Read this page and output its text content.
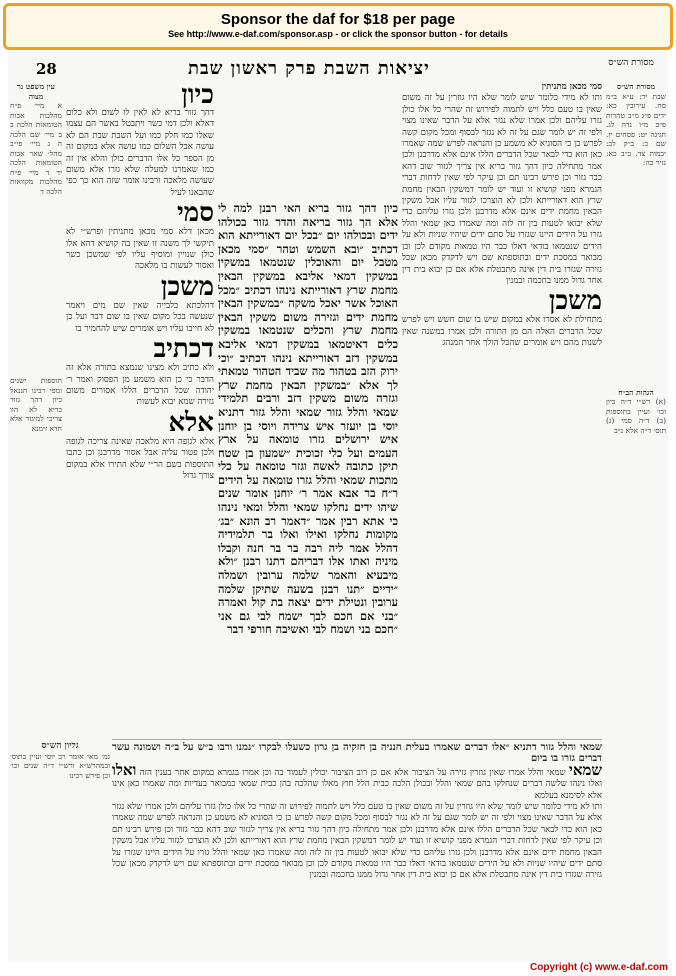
Sponsor the daf for $18 per page
See http://www.e-daf.com/sponsor.asp - or click the sponsor button - for details
28	יציאות השבת פרק ראשון שבת	מסורת הש״ס
עין משפט נר מצוה
א מיי׳ פ״ח מהלכות אבות הטומאות הלכה ב ב מיי׳ שם הלכה ה ג מיי׳ פי״ב מהל׳ שאר אבות הטומאות הלכה יד ד מיי׳ פ״ח מהלכות מקוואות הלכה ד
תוספות ישנים ומפי רבינו חננאל כיון דהך גזור בריא לא הוו צריכי למיגזר אלא חדא זימנא
גליון הש״ס
גמ׳ מאי אומר רב יוסי ועיין בתוס׳ ובמהרש״א ורש״י ד״ה שנים וכו׳ וכן פירש רבינו
כיון
דהך גזור בריא לא לאין לו לשום ולא כלום דאלא ולכן דמי כשר ויתבטל באשר הם עצמו שאלו כמו חלק כמו ועל השבת שבת הם לא עושה אבל השלום כמו עושה אלא במקום זה מן הספר כל אלו הדברים כולן והלא אין זה כמו שאמרנו למעלה שלא גזרו אלא משום שעושה מלאכה ורבינו אומר שזה הוא כך כפי שהבאנו לעיל
סמי
מכאן דלא סמי מכאן מתניתין ופרש״י לא תיקשי לך משנה זו שאין בה קושיא דהא אלו כולן שנויין ומוסיף עליו לפי שמשכן כשר ואסור לעשות בו מלאכה
משכן
דהלכתא כלבייה שאין שם מים ויאמר שנעשה בכל מקום שאין בו שום דבר ועל כן לא חייבו עליו ויש אומרים שיש להחמיר בו
דכתיב
ולא כתיב ולא מצינו שנמצא בתורה אלא זה הדבר כי כן הוא משמע מן הפסוק ואמר ר׳ יהודה שכל הדברים הללו אסורים משום גזירה שמא יבוא לעשות
אלא
אלא לגופה היא מלאכה שאינה צריכה לגופה ולכן פטור עליה אבל אסור מדרבנן וכן כתבו התוספות בשם הר״י שלא התירו אלא במקום צורך גדול
כיון דהך גזור בריא האי רבנן למה לי אלא הך גזור בריאה והדר גזור בכולהו ידים ובכולהו יום ״בכל יום דאורייתא הוא דכתיב ״ובא השמש וטהר ״סמי מכאן מטבל יום והאוכלין שנטמאו במשקין במשקין דמאי אליבא במשקין הבאין מחמת שרץ דאורייתא נינהו דכתיב ״מכל האוכל אשר יאכל משקה ״במשקין הבאין מחמת ידים וגזירה משום משקין הבאין מחמת שרץ והכלים שנטמאו במשקין כלים דאיטמאו במשקין דמאי אליבא במשקין דזב דאורייתא נינהו דכתיב ״וכי ירוק הזב בטהור מה שביד הטהור טמאתי לך אלא ״במשקין הבאין מחמת שרץ וגזרה משום משקין דזב ורבים תלמידי שמאי והלל גזור שמאי והלל גזור דתניא יוסי בן יועזר איש צרידה ויוסי בן יוחנן איש ירושלים גזרו טומאה על ארץ העמים ועל כלי זכוכית ״שמעון בן שטח תיקן כתובה לאשה וגזר טומאה על כלי מתכות שמאי והלל גזרו טומאה על הידים ר״ח בר אבא אמר ר׳ יוחנן אומר שנים שיהו ידים נחלקו שמאי והלל ומאי נינהו כי אתא רבין אמר ״דאמר רב הונא ״בג׳ מקומות נחלקו ואילו ואלו בר תלמידיה דהלל אמר ליה רבה בר בר חנה וקבלו מיניה ואתו אלו דבריהם דתנו רבנן ״ולא מיבעיא והאמר שלמה ערובין ושמלה ״ידיים ״תנו רבנן בשעה שתיקן שלמה ערובין ונטילת ידים יצאה בת קול ואמרה ״בני אם חכם לבך ישמח לבי גם אני ״חכם בני ושמח לבי ואשיבה חורפי דבר
סמי מכאן מתניתין
ותו לא מידי כלומר שיש לומר שלא היו גוזרין על זה משום שאין בו טעם כלל ויש לתמוה לפירוש זה שהרי כל אלו כולן גזרו עליהם ולכן אמרו שלא נגזר אלא על הדבר שאינו מצוי ולפי זה יש לומר שגם על זה לא נגזר לבסוף ומכל מקום קשה לפרש כן כי הסוגיא לא משמע כן והנראה לפרש שמה שאמרו כאן הוא כדי לבאר שכל הדברים הללו אינם אלא מדרבנן ולכן אמר מתחילה כיון דהך גזור בריא אין צריך לגזור שוב דהא כבר גזור וכן פירש רבינו תם וכן עיקר לפי שאין לדחות דברי הגמרא מפני קושיא זו ועוד יש לומר דמשקין הבאין מחמת שרץ הוא דאורייתא ולכן לא הוצרכו לגזור עליו אבל משקין הבאין מחמת ידים אינם אלא מדרבנן ולכן גזרו עליהם כדי שלא יבואו לטעות בין זה לזה ומה שאמרו כאן שמאי והלל גזרו על הידים היינו שגזרו על סתם ידים שיהיו שניות ולא על הידים שנטמאו בודאי דאלו כבר היו טמאות מקודם לכן וכן מבואר במסכת ידים ובתוספתא שם ויש לדקדק מכאן שכל גזירה שגזרו בית דין אינה מתבטלת אלא אם כן יבוא בית דין אחר גדול ממנו בחכמה ובמנין
משכן
מתחילת לא אסרו אלא במקום שיש בו שום חשש ויש לפרש שכל הדברים האלה הם מן התורה ולכן אמרו במשנה שאין לשנות מהם ויש אומרים שהכל הולך אחר המנהג
מסורת הש״ס
שבת יד: ע״א ב״מ סח. עירובין כא: ידים פ״ג מ״ב טהרות פ״ב מ״ו נדה לג. חגיגה יט: פסחים יז. שם כ: ב״ק לב: יבמות צד. ב״ב כא: נזיר כה:
הגהות הב״ח
(א) רש״י ד״ה כיון וכו׳ ועיין בתוספות (ב) ד״ה סמי (ג) תוס׳ ד״ה אלא נ״ב
שמאי והלל גזור דתניא ״אלו דברים שאמרו בעלית חנניה בן חזקיה בן גרון כשעלו לבקרו ״נמנו ורבו ב״ש על ב״ה ושמונה עשר דברים גזרו בו ביום
שמאי שמאי והלל אמרו שאין גוזרין גזירה על הציבור אלא אם כן רוב הציבור יכולין לעמוד בה וכן אמרו בגמרא במקום אחר בענין הזה ואלו ואלו נינהו שלשה דברים שנחלקו בהם שמאי והלל ובכולן הלכה כבית הלל חוץ מאלו שהלכה בהן כבית שמאי כמבואר בעדיות ומה שאמרו כאן אינו אלא לסימנא בעלמא
ותו לא מידי כלומר שיש לומר שלא היו גוזרין על זה משום שאין בו טעם כלל ויש לתמוה לפירוש זה שהרי כל אלו כולן גזרו עליהם ולכן אמרו שלא נגזר אלא על הדבר שאינו מצוי ולפי זה יש לומר שגם על זה לא נגזר לבסוף ומכל מקום קשה לפרש כן כי הסוגיא לא משמע כן והנראה לפרש שמה שאמרו כאן הוא כדי לבאר שכל הדברים הללו אינם אלא מדרבנן ולכן אמר מתחילה כיון דהך גזור בריא אין צריך לגזור שוב דהא כבר גזור וכן פירש רבינו תם וכן עיקר לפי שאין לדחות דברי הגמרא מפני קושיא זו ועוד יש לומר דמשקין הבאין מחמת שרץ הוא דאורייתא ולכן לא הוצרכו לגזור עליו אבל משקין הבאין מחמת ידים אינם אלא מדרבנן ולכן גזרו עליהם כדי שלא יבואו לטעות בין זה לזה ומה שאמרו כאן שמאי והלל גזרו על הידים היינו שגזרו על סתם ידים שיהיו שניות ולא על הידים שנטמאו בודאי דאלו כבר היו טמאות מקודם לכן וכן מבואר במסכת ידים ובתוספתא שם ויש לדקדק מכאן שכל גזירה שגזרו בית דין אינה מתבטלת אלא אם כן יבוא בית דין אחר גדול ממנו בחכמה ובמנין
Copyright (c) www.e-daf.com
